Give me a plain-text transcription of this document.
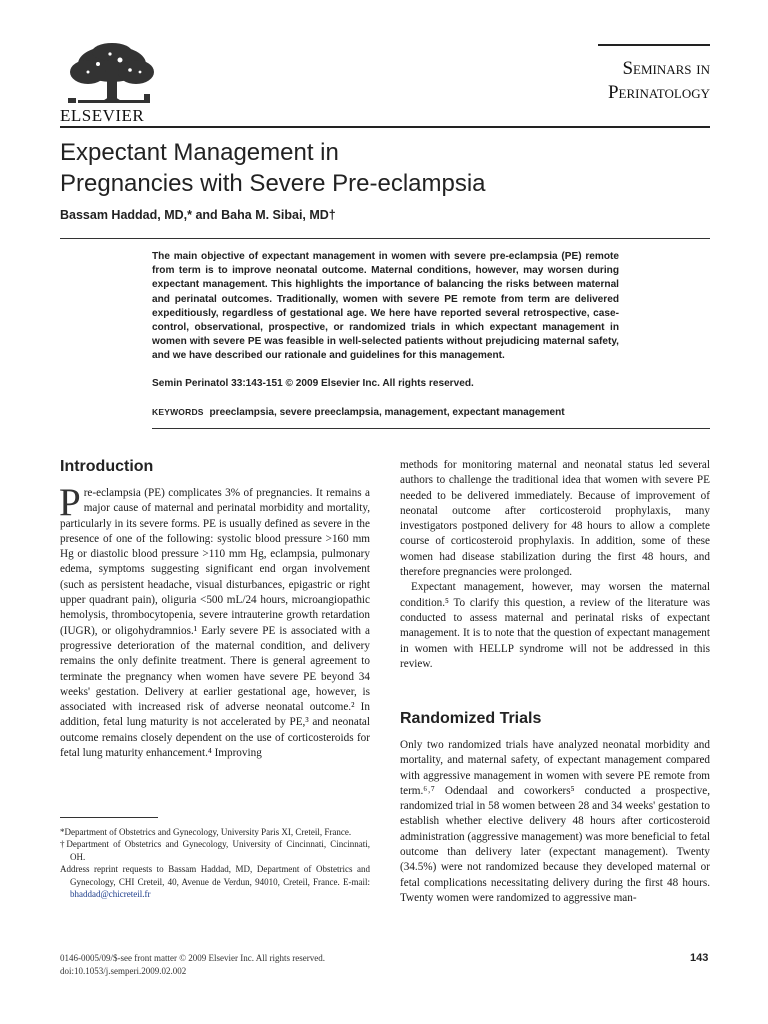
ELSEVIER
Seminars in
Perinatology
Expectant Management in
Pregnancies with Severe Pre-eclampsia
Bassam Haddad, MD,* and Baha M. Sibai, MD†
The main objective of expectant management in women with severe pre-eclampsia (PE) remote from term is to improve neonatal outcome. Maternal conditions, however, may worsen during expectant management. This highlights the importance of balancing the risks between maternal and perinatal outcomes. Traditionally, women with severe PE remote from term are delivered expeditiously, regardless of gestational age. We here have reported several retrospective, case-control, observational, prospective, or randomized trials in which expectant management in women with severe PE was feasible in well-selected patients without prejudicing maternal safety, and we have described our rationale and guidelines for this management.
Semin Perinatol 33:143-151 © 2009 Elsevier Inc. All rights reserved.
KEYWORDS preeclampsia, severe preeclampsia, management, expectant management
Introduction

Pre-eclampsia (PE) complicates 3% of pregnancies. It remains a major cause of maternal and perinatal morbidity and mortality, particularly in its severe forms. PE is usually defined as severe in the presence of one of the following: systolic blood pressure >160 mm Hg or diastolic blood pressure >110 mm Hg, eclampsia, pulmonary edema, symptoms suggesting significant end organ involvement (such as persistent headache, visual disturbances, epigastric or right upper quadrant pain), oliguria <500 mL/24 hours, microangiopathic hemolysis, thrombocytopenia, severe intrauterine growth retardation (IUGR), or oligohydramnios.¹ Early severe PE is associated with a progressive deterioration of the maternal condition, and delivery remains the only definite treatment. There is general agreement to terminate the pregnancy when women have severe PE beyond 34 weeks' gestation. Delivery at earlier gestational age, however, is associated with increased risk of adverse neonatal outcome.² In addition, fetal lung maturity is not accelerated by PE,³ and neonatal outcome remains closely dependent on the use of corticosteroids for fetal lung maturity enhancement.⁴ Improving

methods for monitoring maternal and neonatal status led several authors to challenge the traditional idea that women with severe PE needed to be delivered immediately. Because of improvement of neonatal outcome after corticosteroid prophylaxis, many investigators postponed delivery for 48 hours to allow a complete course of corticosteroid prophylaxis. In addition, some of these women had disease stabilization during the first 48 hours, and therefore pregnancies were prolonged.

Expectant management, however, may worsen the maternal condition.⁵ To clarify this question, a review of the literature was conducted to assess maternal and perinatal risks of expectant management. It is to note that the question of expectant management in women with HELLP syndrome will not be addressed in this review.

Randomized Trials

Only two randomized trials have analyzed neonatal morbidity and mortality, and maternal safety, of expectant management compared with aggressive management in women with severe PE remote from term.⁶˒⁷ Odendaal and coworkers⁵ conducted a prospective, randomized trial in 58 women between 28 and 34 weeks' gestation to establish whether elective delivery 48 hours after corticosteroid administration (aggressive management) was more beneficial to fetal outcome than delivery later (expectant management). Twenty (34.5%) were not randomized because they developed maternal or fetal complications necessitating delivery during the first 48 hours. Twenty women were randomized to aggressive man-

*Department of Obstetrics and Gynecology, University Paris XI, Creteil, France.
†Department of Obstetrics and Gynecology, University of Cincinnati, Cincinnati, OH.
Address reprint requests to Bassam Haddad, MD, Department of Obstetrics and Gynecology, CHI Creteil, 40, Avenue de Verdun, 94010, Creteil, France. E-mail: bhaddad@chicreteil.fr
0146-0005/09/$-see front matter © 2009 Elsevier Inc. All rights reserved.
doi:10.1053/j.semperi.2009.02.002
143
